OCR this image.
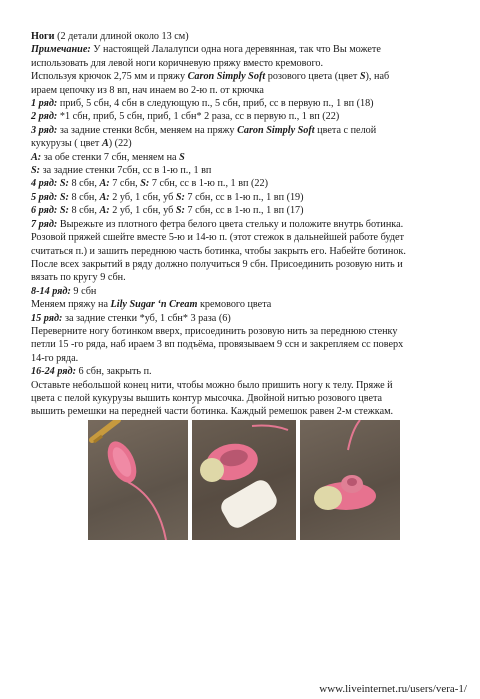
Ноги (2 детали длиной около 13 см)

Примечание: У настоящей Лалалупси одна нога деревянная, так что Вы можете

использовать для левой ноги коричневую пряжу вместо кремового.

Используя крючок 2,75 мм и пряжу Caron Simply Soft розового цвета (цвет S), наб

ираем цепочку из 8 вп, нач инаем во 2-ю п. от крючка

1 ряд: приб, 5 сбн, 4 сбн в следующую п., 5 сбн, приб, сс в первую п., 1 вп (18)

2 ряд: *1 сбн, приб, 5 сбн, приб, 1 сбн* 2 раза, сс в первую п., 1 вп (22)

3 ряд: за задние стенки 8сбн, меняем на пряжу Caron Simply Soft цвета с пелой

кукурузы ( цвет A) (22)

A: за обе стенки 7 сбн, меняем на S

S: за задние стенки 7сбн, сс в 1-ю п., 1 вп

4 ряд: S: 8 сбн, A: 7 сбн, S: 7 сбн, сс в 1-ю п., 1 вп (22)

5 ряд: S: 8 сбн, A: 2 уб, 1 сбн, уб S: 7 сбн, сс в 1-ю п., 1 вп (19)

6 ряд: S: 8 сбн, A: 2 уб, 1 сбн, уб S: 7 сбн, сс в 1-ю п., 1 вп (17)

7 ряд: Вырежьте из плотного фетра белого цвета стельку и положите внутрь ботинка.

Розовой пряжей сшейте вместе 5-ю и 14-ю п. (этот стежок в дальнейшей работе будет

считаться п.) и зашить переднюю часть ботинка, чтобы закрыть его. Набейте ботинок.

После всех закрытий в ряду должно получиться 9 сбн. Присоединить розовую нить и

вязать по кругу 9 сбн.

8-14 ряд: 9 сбн

Меняем пряжу на Lily Sugar ‘n Cream кремового цвета

15 ряд: за задние стенки *уб, 1 сбн* 3 раза (6)

Переверните ногу ботинком вверх, присоединить розовую нить за переднюю стенку

петли 15 -го ряда, наб ираем 3 вп подъёма, провязываем 9 ссн и закрепляем сс поверх

14-го ряда.

16-24 ряд: 6 сбн, закрыть п.

Оставьте небольшой конец нити, чтобы можно было пришить ногу к телу. Пряже й

цвета с пелой кукурузы вышить контур мысочка. Двойной нитью розового цвета

вышить ремешки на передней части ботинка. Каждый ремешок равен 2-м стежкам.

www.liveinternet.ru/users/vera-1/
